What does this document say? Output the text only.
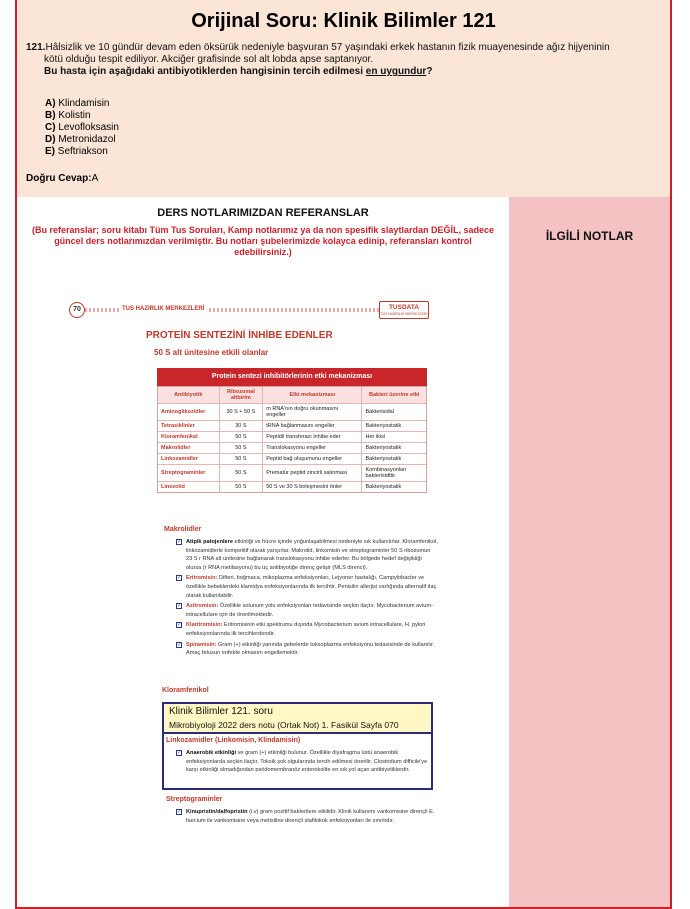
Orijinal Soru: Klinik Bilimler 121
121.Hâlsizlik ve 10 gündür devam eden öksürük nedeniyle başvuran 57 yaşındaki erkek hastanın fizik muayenesinde ağız hijyeninin
kötü olduğu tespit ediliyor. Akciğer grafisinde sol alt lobda apse saptanıyor.
Bu hasta için aşağıdaki antibiyotiklerden hangisinin tercih edilmesi en uygundur?
A) Klindamisin
B) Kolistin
C) Levofloksasin
D) Metronidazol
E) Seftriakson
Doğru Cevap:A
DERS NOTLARIMIZDAN REFERANSLAR
(Bu referanslar; soru kitabı Tüm Tus Soruları, Kamp notlarımız ya da non spesifik slaytlardan DEĞİL, sadece güncel ders notlarımızdan verilmiştir. Bu notları şubelerimizde kolayca edinip, referansları kontrol edebilirsiniz.)
70	TUS HAZIRLIK MERKEZLERİ	TUSDATA
TUS HAZIRLIK MERKEZLERİ
PROTEİN SENTEZİNİ İNHİBE EDENLER
50 S alt ünitesine etkili olanlar
Protein sentezi inhibitörlerinin etki mekanizması
Antibiyotik	Ribozomal altbirim	Etki mekanizması	Bakteri üzerine etki
Aminoglikozidler	30 S + 50 S	m RNA'nın doğru okunmasını engeller	Bakterisidal
Tetrasiklinler	30 S	tRNA bağlanmasını engeller	Bakteriyostatik
Kloramfenikol	50 S	Peptidil transferazı inhibe eder	Her ikisi
Makrolidler	50 S	Translokasyonu engeller	Bakteriyostatik
Linkozamidler	50 S	Peptid bağ oluşumunu engeller	Bakteriyostatik
Streptograminler	50 S	Prematür peptid zincirli salınması	Kombinasyonları bakterisidttir.
Linezolid	50 S	50 S ve 30 S birleşmesini önler	Bakteriyostatik
Makrolidler
✓ Atipik patojenlere etkinliği ve hücre içinde yoğunlaşabilmesi nedeniyle sık kullanılırlar. Kloramfenikol, linkozamidlerle kompetitif olarak yarışırlar. Makrolid, linkomisin ve streptograminler 50 S ribozomun 23 S r RNA alt ünitesine bağlanarak translokasyonu inhibe ederler. Bu bölgede hedef değişikliği olursa (r RNA metilasyonu) bu üç antibiyotiğe direnç gelişir (MLS direnci).
✓ Eritromisin: Difteri, boğmaca, mikoplazma enfeksiyonları, Lejyoner hastalığı, Campylobacter ve özellikle bebeklerdeki klamidya enfeksiyonlarında ilk tercihtir. Penisilin allerjisi varlığında alternatif ilaç olarak kullanılabilir.
✓ Azitromisin: Özellikle solunum yolu enfeksiyonları tedavisinde seçkin ilaçtır. Mycobacterium avium-intracellulare için de önerilmektedir.
✓ Klaritromisin: Eritromisinin etki spektrumu dışında Mycobacterium avium intracellulare, H. pylori enfeksiyonlarında ilk tercihlerdendir.
✓ Spiramisin: Gram (+) etkinliği yanında gebelerde toksoplazma enfeksiyonu tedavisinde de kullanılır. Amaç fetusun enfekte olmasını engellemektir.
Kloramfenikol
Klinik Bilimler 121. soru
Mikrobiyoloji 2022 ders notu (Ortak Not) 1. Fasikül Sayfa 070
Linkozamidler (Linkomisin, Klindamisin)
✓ Anaerobik etkinliği ve gram (+) etkinliği bulunur. Özellikle diyafragma üstü anaerobik enfeksiyonlarda seçkin ilaçtır. Toksik şok olgularında tercih edilmesi önerilir. Clostridium difficile'ye karşı etkinliği olmadığından psödomembranöz enterokolite en sık yol açan antibiyotiklerdir.
Streptograminler
✓ Kinupristin/dalfopristin (i.v) gram pozitif bakterilere etkilidir. Klinik kullanımı vankomisine dirençli E. faecium ile vankomisine veya metisiline dirençli stafilokok enfeksiyonları ile sınırlıdır.
İLGİLİ NOTLAR
